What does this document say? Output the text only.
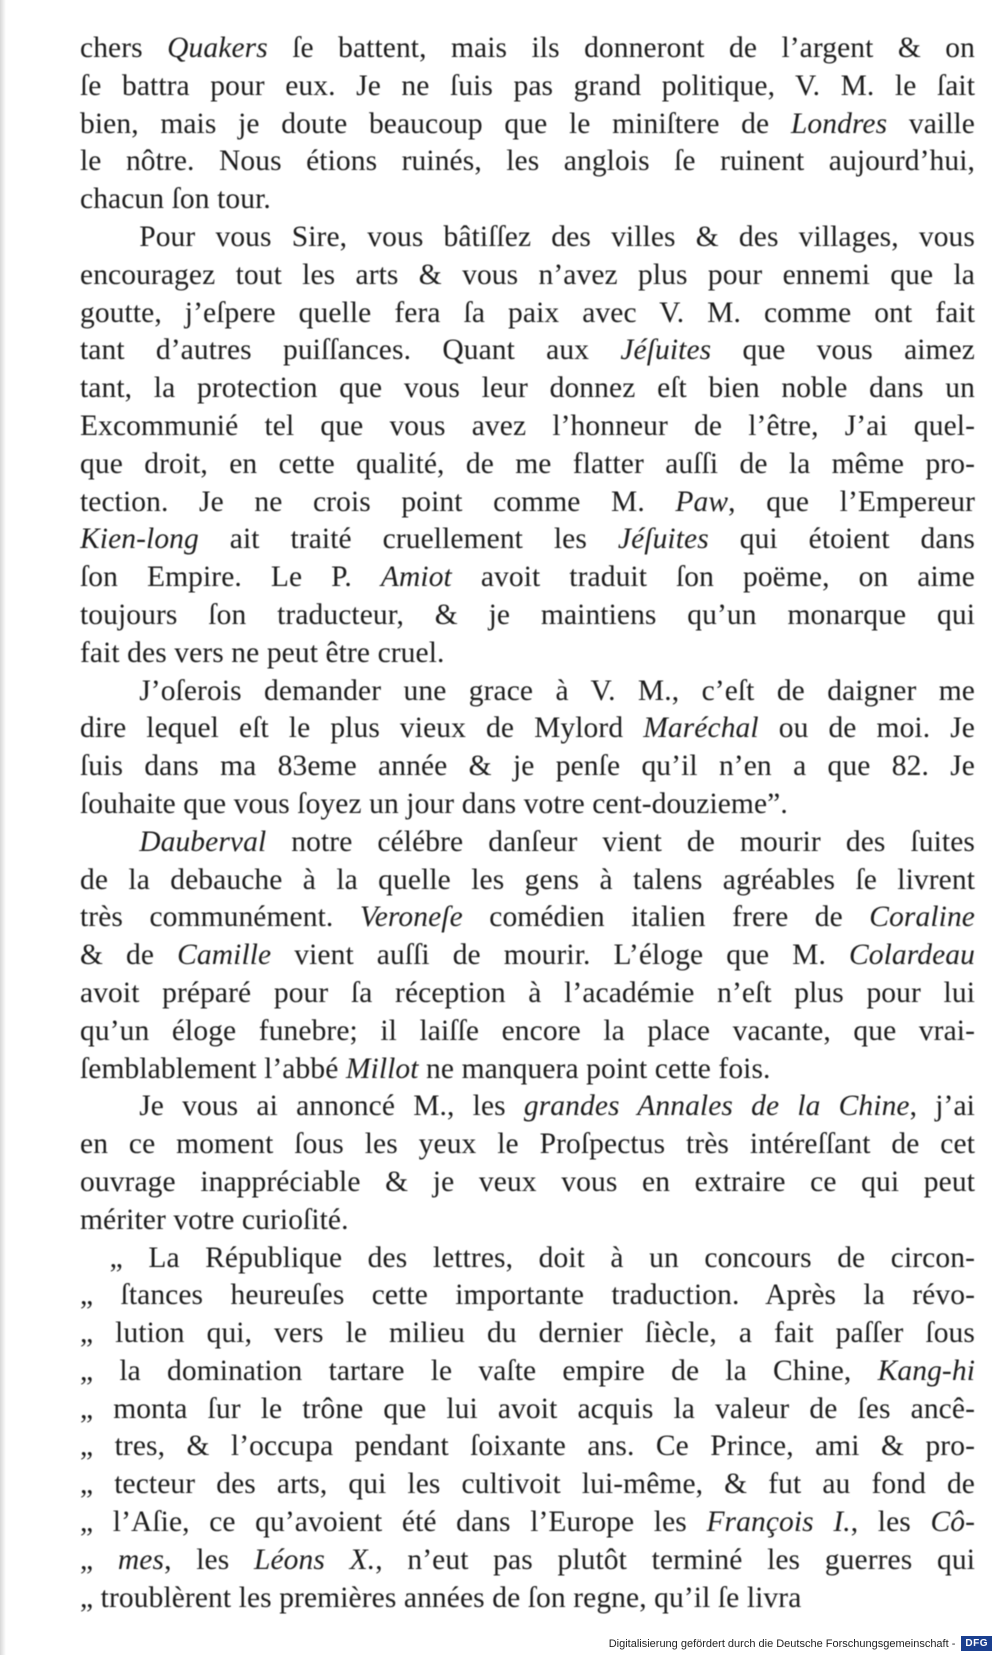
chers Quakers ſe battent, mais ils donneront de l’argent & on
ſe battra pour eux. Je ne ſuis pas grand politique, V. M. le ſait
bien, mais je doute beaucoup que le miniſtere de Londres vaille
le nôtre. Nous étions ruinés, les anglois ſe ruinent aujourd’hui,
chacun ſon tour.
  Pour vous Sire, vous bâtiſſez des villes & des villages, vous
encouragez tout les arts & vous n’avez plus pour ennemi que la
goutte, j’eſpere quelle fera ſa paix avec V. M. comme ont fait
tant d’autres puiſſances. Quant aux Jéſuites que vous aimez
tant, la protection que vous leur donnez eſt bien noble dans un
Excommunié tel que vous avez l’honneur de l’être, J’ai quel-
que droit, en cette qualité, de me flatter auſſi de la même pro-
tection. Je ne crois point comme M. Paw, que l’Empereur
Kien-long ait traité cruellement les Jéſuites qui étoient dans
ſon Empire. Le P. Amiot avoit traduit ſon poëme, on aime
toujours ſon traducteur, & je maintiens qu’un monarque qui
fait des vers ne peut être cruel.
  J’oſerois demander une grace à V. M., c’eſt de daigner me
dire lequel eſt le plus vieux de Mylord Maréchal ou de moi. Je
ſuis dans ma 83eme année & je penſe qu’il n’en a que 82. Je
ſouhaite que vous ſoyez un jour dans votre cent-douzieme”.
  Dauberval notre célébre danſeur vient de mourir des ſuites
de la debauche à la quelle les gens à talens agréables ſe livrent
très communément. Veroneſe comédien italien frere de Coraline
& de Camille vient auſſi de mourir. L’éloge que M. Colardeau
avoit préparé pour ſa réception à l’académie n’eſt plus pour lui
qu’un éloge funebre; il laiſſe encore la place vacante, que vrai-
ſemblablement l’abbé Millot ne manquera point cette fois.
  Je vous ai annoncé M., les grandes Annales de la Chine, j’ai
en ce moment ſous les yeux le Proſpectus très intéreſſant de cet
ouvrage inappréciable & je veux vous en extraire ce qui peut
mériter votre curioſité.
 „ La République des lettres, doit à un concours de circon-
„ ſtances heureuſes cette importante traduction. Après la révo-
„ lution qui, vers le milieu du dernier ſiècle, a fait paſſer ſous
„ la domination tartare le vaſte empire de la Chine, Kang-hi
„ monta ſur le trône que lui avoit acquis la valeur de ſes ancê-
„ tres, & l’occupa pendant ſoixante ans. Ce Prince, ami & pro-
„ tecteur des arts, qui les cultivoit lui-même, & fut au fond de
„ l’Aſie, ce qu’avoient été dans l’Europe les François I., les Cô-
„ mes, les Léons X., n’eut pas plutôt terminé les guerres qui
„ troublèrent les premières années de ſon regne, qu’il ſe livra
Digitalisierung gefördert durch die Deutsche Forschungsgemeinschaft -	DFG
